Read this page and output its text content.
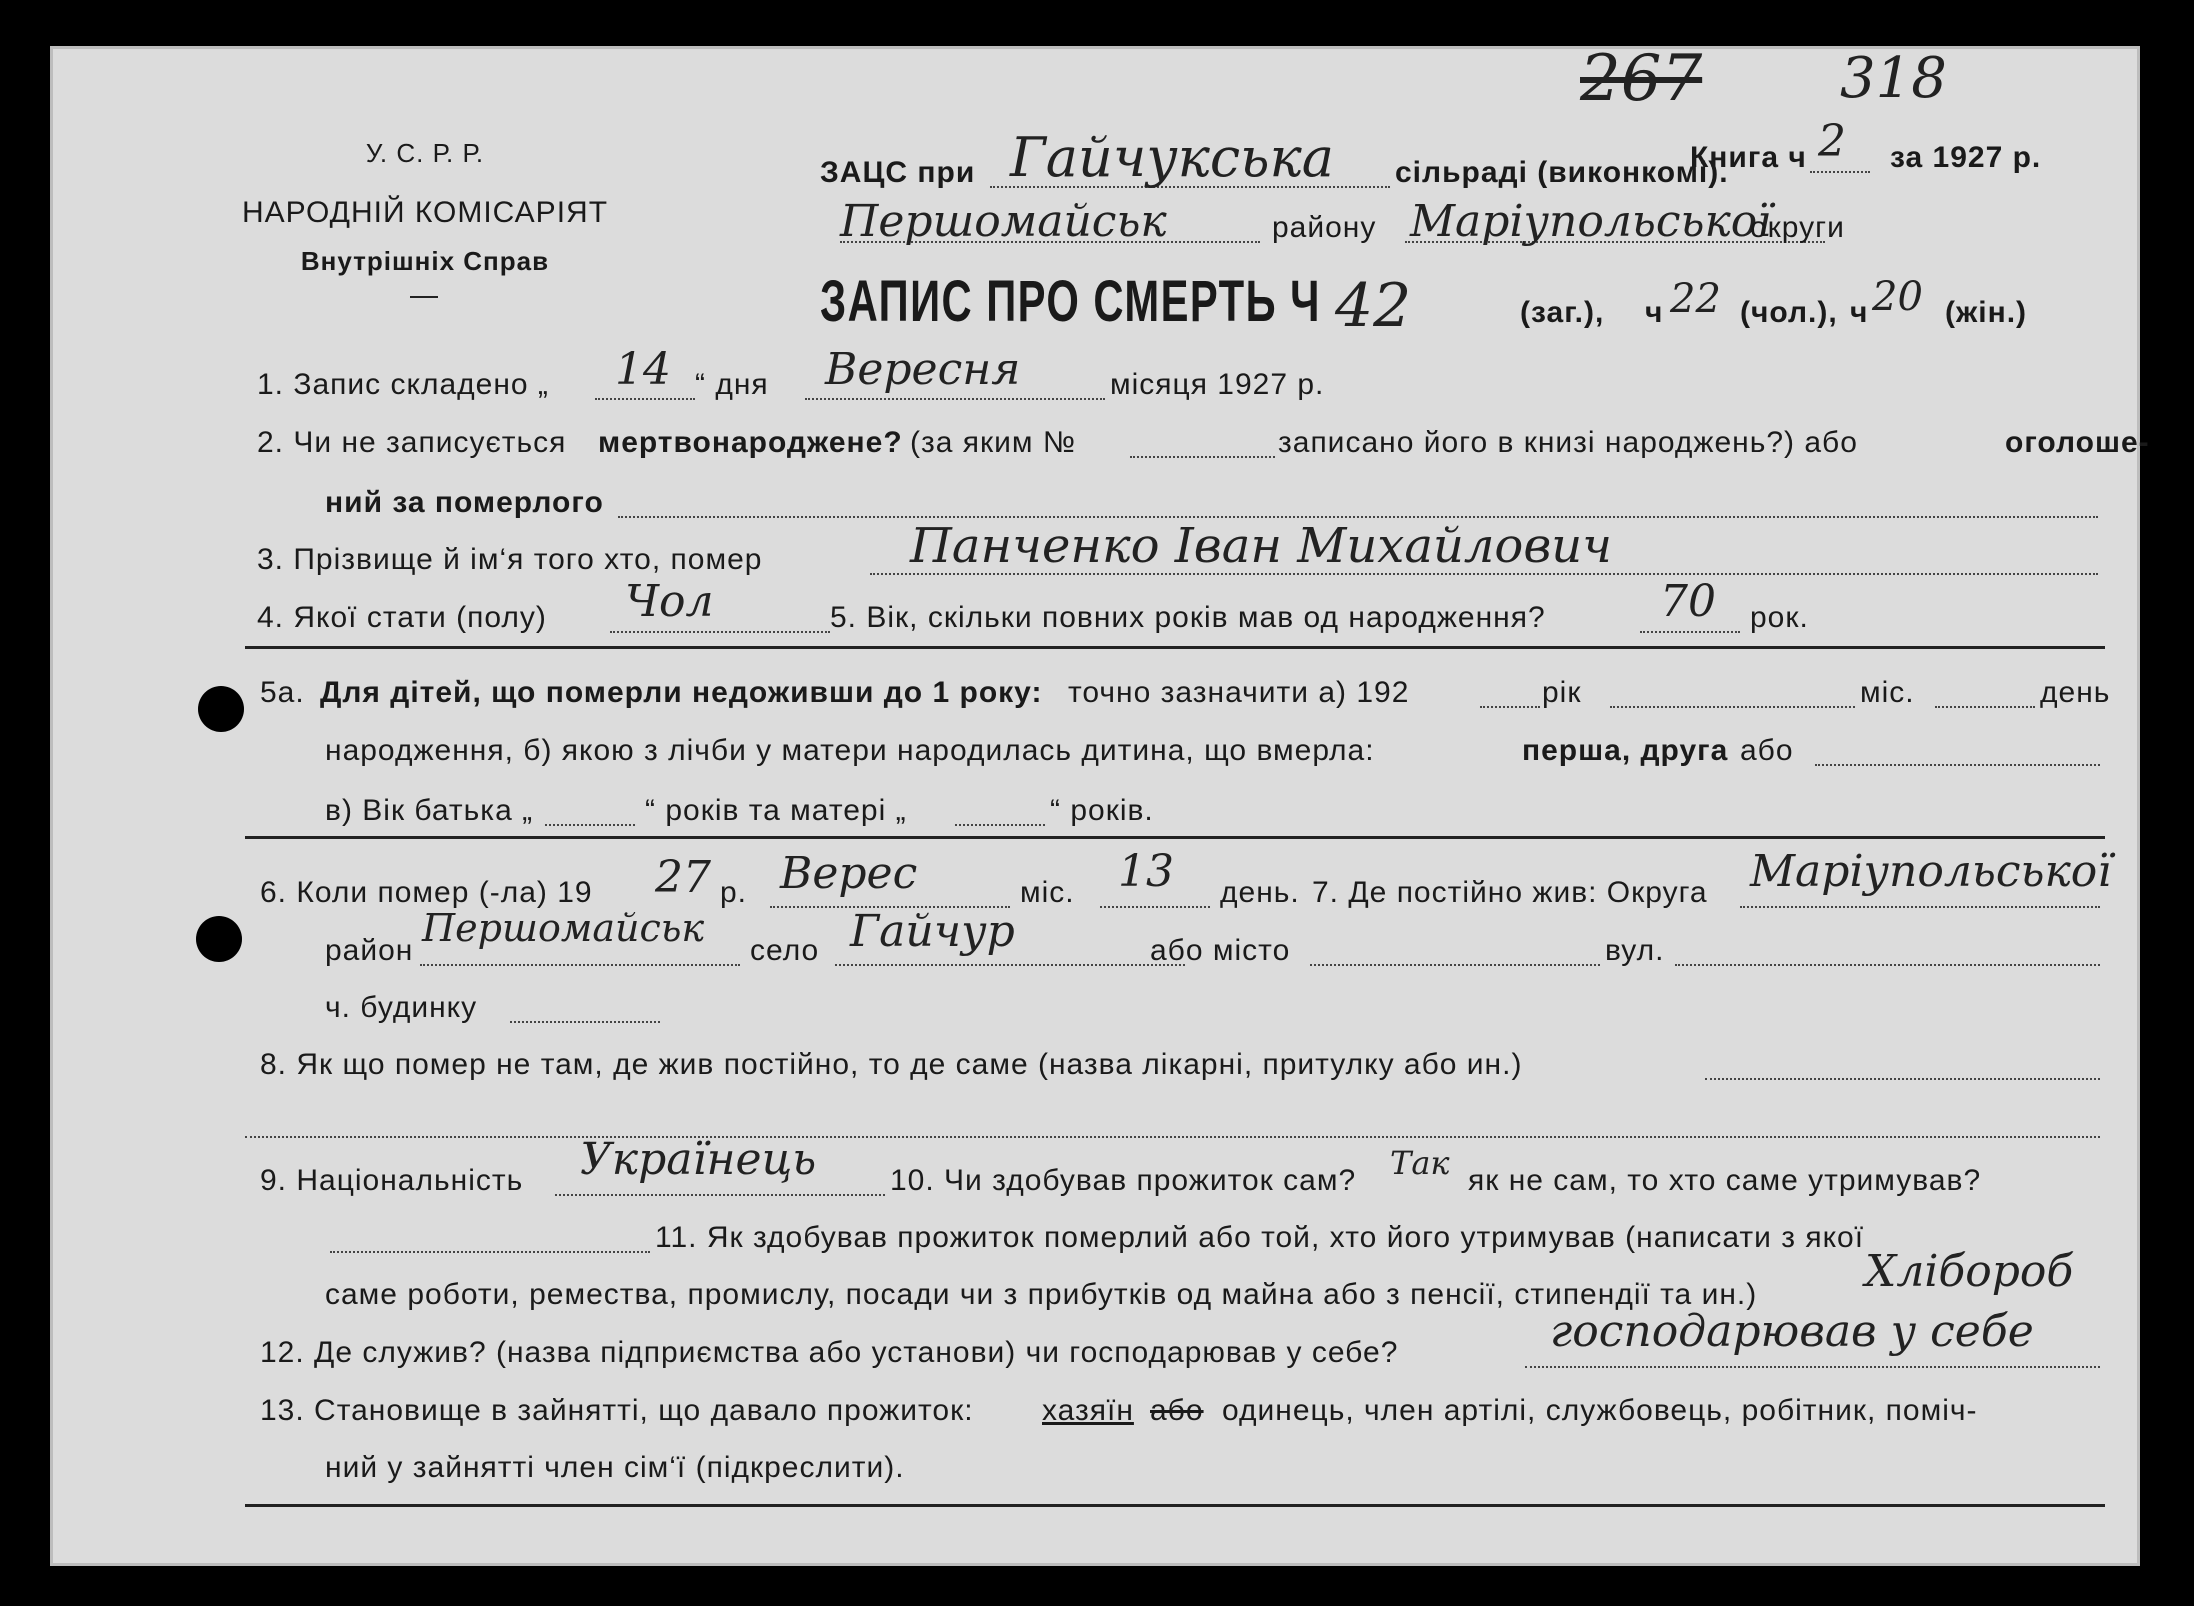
267 318
У. С. Р. Р.
НАРОДНІЙ КОМІСАРІЯТ
Внутрішніх Справ
ЗАЦС при Гайчукська сільраді (виконкомі).
Книга ч 2 за 1927 р.
Першомайськ	району Маріупольської
округи
ЗАПИС ПРО СМЕРТЬ Ч 42	(заг.), ч 22 (чол.), ч 20 (жін.)
1. Запис складено „ 14 “ дня Вересня	місяця 1927 р.
2. Чи не записується мертвонароджене? (за яким №	записано його в книзі народжень?) або	оголоше-
ний за померлого
3. Прізвище й ім‘я того хто, помер	Панченко Іван Михайлович
4. Якої стати (полу) Чол	5. Вік, скільки повних років мав од народження?	70 рок.
5а. Для дітей, що померли недоживши до 1 року: точно зазначити а) 192	рік	міс.	день
народження, б) якою з лічби у матери народилась дитина, що вмерла:	перша, друга або
в) Вік батька „	“ років та матері „	“ років.
6. Коли помер (-ла) 19 27 р. Верес	міс. 13 день. 7. Де постійно жив: Округа Маріупольської
район
Першомайськ
село Гайчур	або місто	вул.
ч. будинку
8. Як що помер не там, де жив постійно, то де саме (назва лікарні, притулку або ин.)
9. Національність Українець 10. Чи здобував прожиток сам? Так як не сам, то хто саме утримував?
11. Як здобував прожиток померлий або той, хто його утримував (написати з якої
саме роботи, ремества, промислу, посади чи з прибутків од майна або з пенсії, стипендії та ин.) Хлібороб
12. Де служив? (назва підприємства або установи) чи господарював у себе?	господарював у себе
13. Становище в зайнятті, що давало прожиток: хазяїн або одинець, член артілі, службовець, робітник, поміч-
ний у зайнятті член сім‘ї (підкреслити).
